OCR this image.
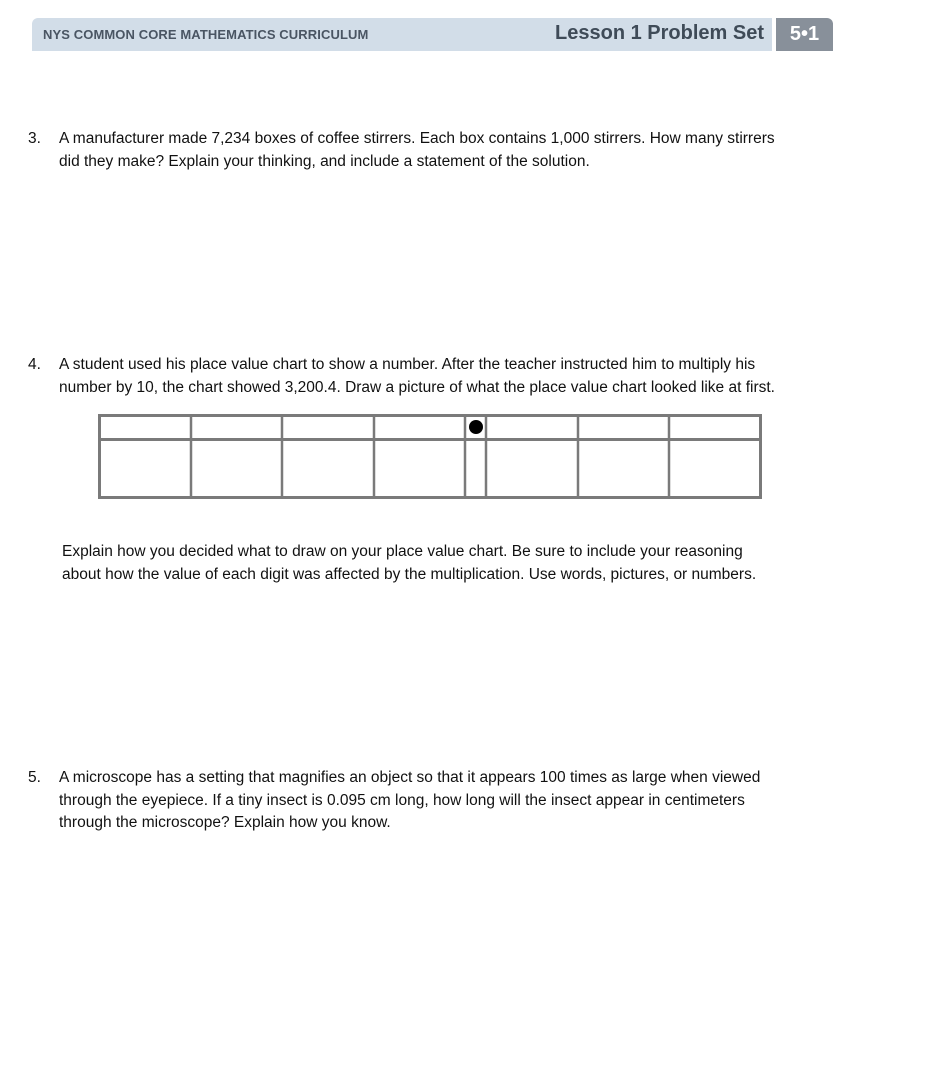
NYS COMMON CORE MATHEMATICS CURRICULUM	Lesson 1 Problem Set	5•1
3. A manufacturer made 7,234 boxes of coffee stirrers. Each box contains 1,000 stirrers. How many stirrers
did they make? Explain your thinking, and include a statement of the solution.
4. A student used his place value chart to show a number. After the teacher instructed him to multiply his
number by 10, the chart showed 3,200.4. Draw a picture of what the place value chart looked like at first.
Explain how you decided what to draw on your place value chart. Be sure to include your reasoning
about how the value of each digit was affected by the multiplication. Use words, pictures, or numbers.
5. A microscope has a setting that magnifies an object so that it appears 100 times as large when viewed
through the eyepiece. If a tiny insect is 0.095 cm long, how long will the insect appear in centimeters
through the microscope? Explain how you know.
